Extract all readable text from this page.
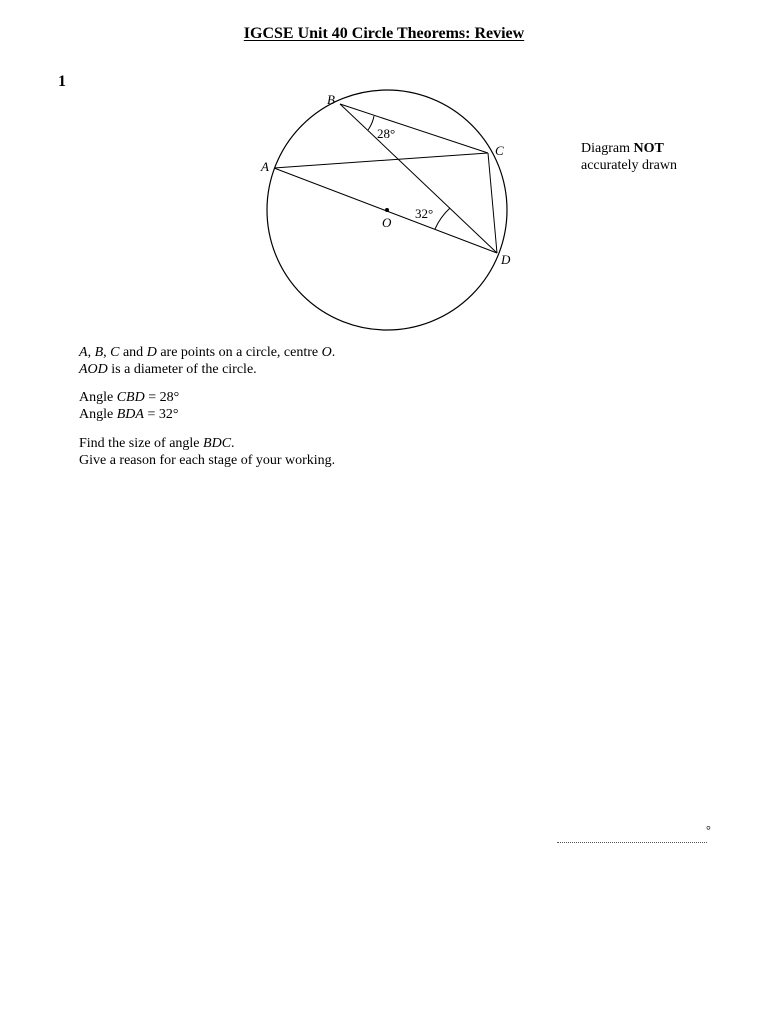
IGCSE Unit 40 Circle Theorems: Review
1
B
A
C
D
O
28°
32°
Diagram NOT
accurately drawn
A, B, C and D are points on a circle, centre O.
AOD is a diameter of the circle.
Angle CBD = 28°
Angle BDA = 32°
Find the size of angle BDC.
Give a reason for each stage of your working.
°
